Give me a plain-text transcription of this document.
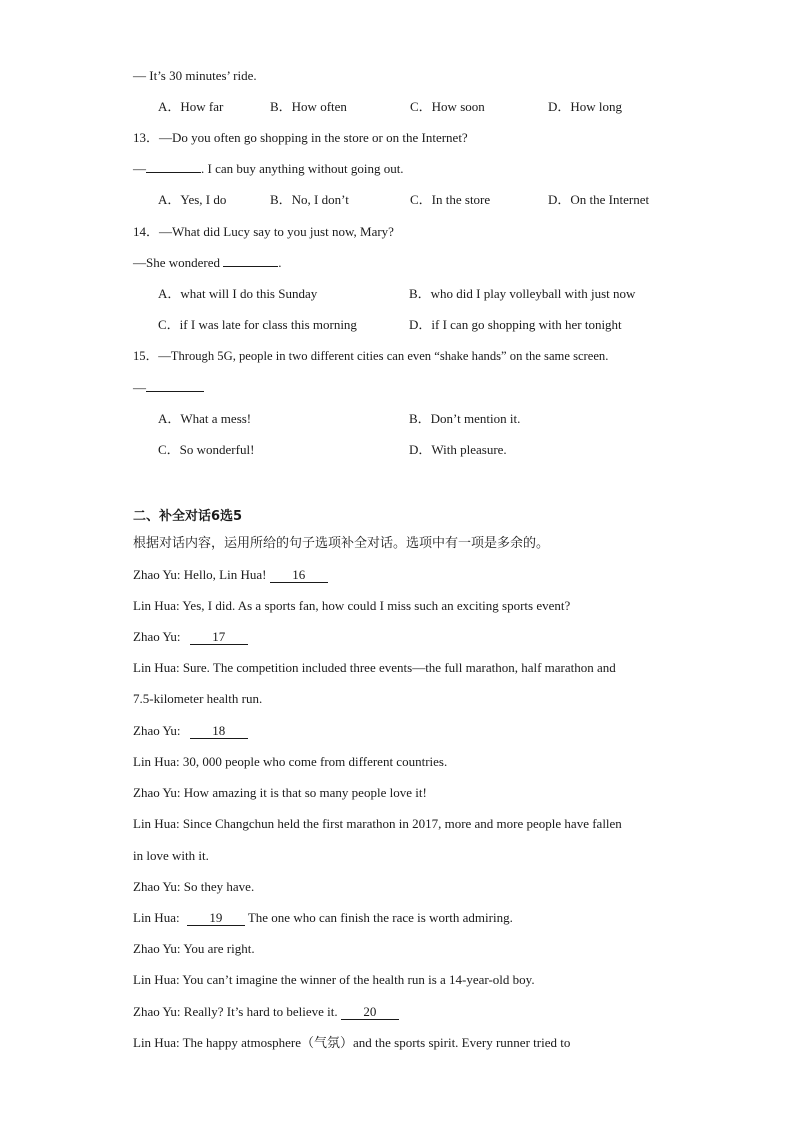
— It’s 30 minutes’ ride.
A．How far	B．How often	C．How soon	D．How long
13．—Do you often go shopping in the store or on the Internet?
—	. I can buy anything without going out.
A．Yes, I do	B．No, I don’t	C．In the store	D．On the Internet
14．—What did Lucy say to you just now, Mary?
—She wondered	.
A．what will I do this Sunday	B．who did I play volleyball with just now
C．if I was late for class this morning	D．if I can go shopping with her tonight
15．—Through 5G, people in two different cities can even “shake hands” on the same screen.
—
A．What a mess!	B．Don’t mention it.
C．So wonderful!	D．With pleasure.
二、补全对话6选5
根据对话内容，运用所给的句子选项补全对话。选项中有一项是多余的。
Zhao Yu: Hello, Lin Hua! 16
Lin Hua: Yes, I did. As a sports fan, how could I miss such an exciting sports event?
Zhao Yu: 17
Lin Hua: Sure. The competition included three events—the full marathon, half marathon and
7.5-kilometer health run.
Zhao Yu: 18
Lin Hua: 30, 000 people who come from different countries.
Zhao Yu: How amazing it is that so many people love it!
Lin Hua: Since Changchun held the first marathon in 2017, more and more people have fallen
in love with it.
Zhao Yu: So they have.
Lin Hua: 19 The one who can finish the race is worth admiring.
Zhao Yu: You are right.
Lin Hua: You can’t imagine the winner of the health run is a 14-year-old boy.
Zhao Yu: Really? It’s hard to believe it. 20
Lin Hua: The happy atmosphere（气氛）and the sports spirit. Every runner tried to
